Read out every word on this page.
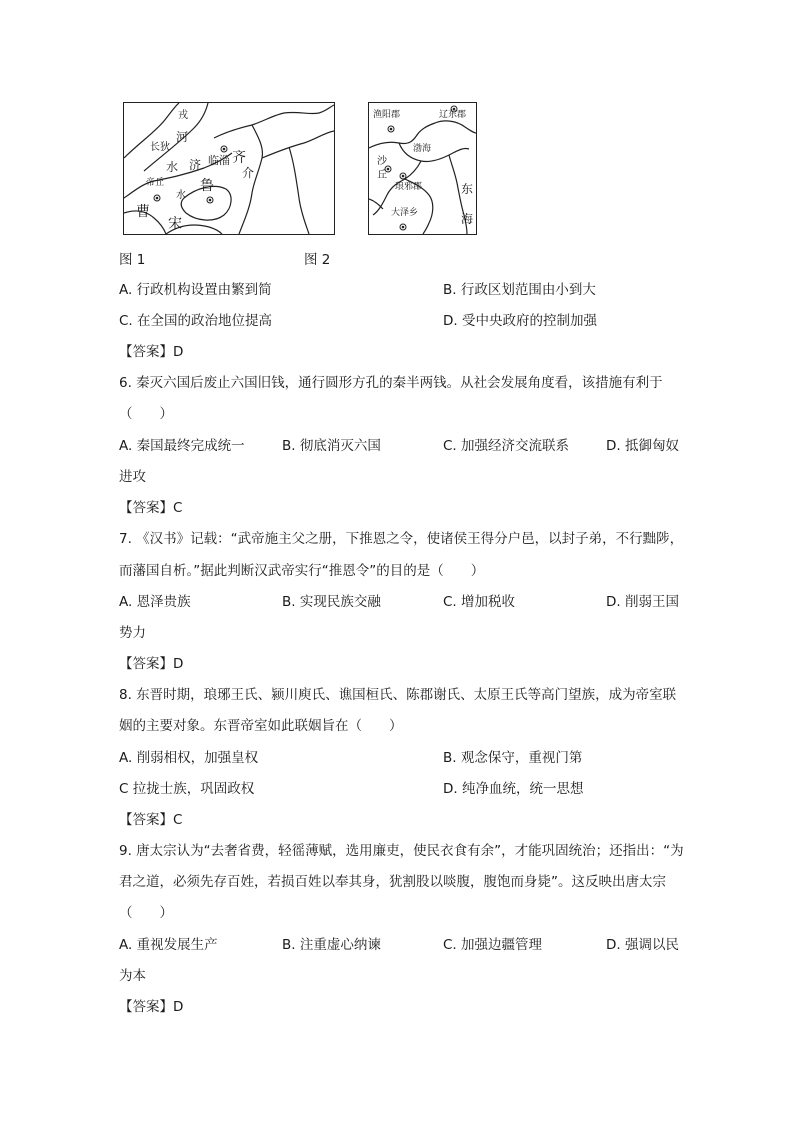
戎
河
长狄
水 济 临淄 齐
帝丘
水
鲁
介
曹
宋
渔阳郡	辽东郡
渤海
沙
丘
琅邪郡	东
海
大泽乡
图 1	图 2
A. 行政机构设置由繁到简	B. 行政区划范围由小到大
C. 在全国的政治地位提高	D. 受中央政府的控制加强
【答案】D
6. 秦灭六国后废止六国旧钱，通行圆形方孔的秦半两钱。从社会发展角度看，该措施有利于
（　　）
A. 秦国最终完成统一	B. 彻底消灭六国	C. 加强经济交流联系	D. 抵御匈奴
进攻
【答案】C
7. 《汉书》记载：“武帝施主父之册，下推恩之令，使诸侯王得分户邑，以封子弟，不行黜陟，
而藩国自析。”据此判断汉武帝实行“推恩令”的目的是（　　）
A. 恩泽贵族	B. 实现民族交融	C. 增加税收	D. 削弱王国
势力
【答案】D
8. 东晋时期，琅琊王氏、颍川庾氏、谯国桓氏、陈郡谢氏、太原王氏等高门望族，成为帝室联
姻的主要对象。东晋帝室如此联姻旨在（　　）
A. 削弱相权，加强皇权	B. 观念保守，重视门第
C 拉拢士族，巩固政权	D. 纯净血统，统一思想
【答案】C
9. 唐太宗认为“去奢省费，轻徭薄赋，选用廉吏，使民衣食有余”，才能巩固统治；还指出：“为
君之道，必须先存百姓，若损百姓以奉其身，犹割股以啖腹，腹饱而身毙”。这反映出唐太宗
（　　）
A. 重视发展生产	B. 注重虚心纳谏	C. 加强边疆管理	D. 强调以民
为本
【答案】D
